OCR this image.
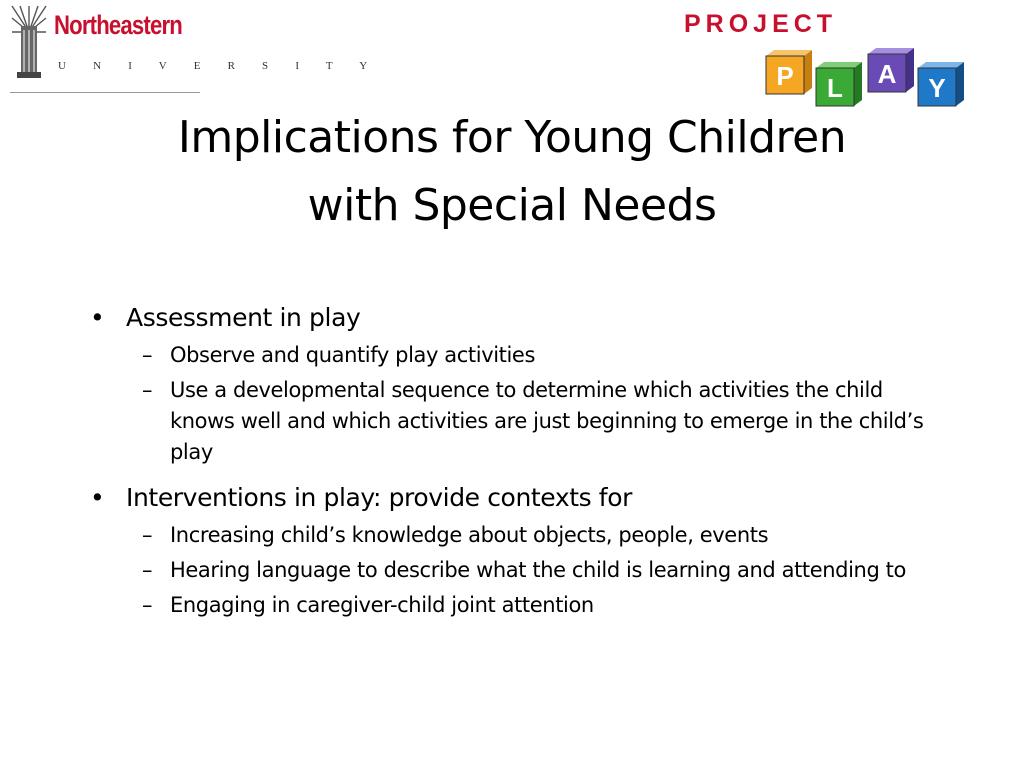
Northeastern
U N I V E R S I T Y
PROJECT
P L A Y
Implications for Young Children
with Special Needs
• Assessment in play
– Observe and quantify play activities
– Use a developmental sequence to determine which activities the child knows well and which activities are just beginning to emerge in the child’s play
• Interventions in play: provide contexts for
– Increasing child’s knowledge about objects, people, events
– Hearing language to describe what the child is learning and attending to
– Engaging in caregiver-child joint attention
